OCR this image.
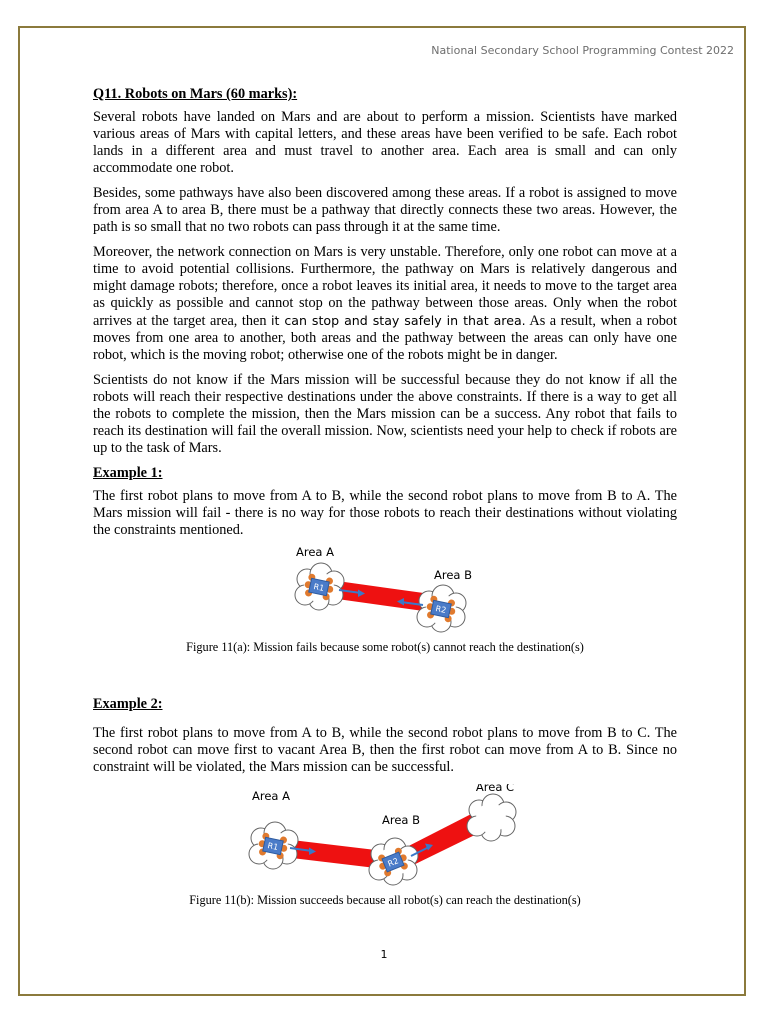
National Secondary School Programming Contest 2022
Q11. Robots on Mars (60 marks):

Several robots have landed on Mars and are about to perform a mission. Scientists have marked various areas of Mars with capital letters, and these areas have been verified to be safe. Each robot lands in a different area and must travel to another area. Each area is small and can only accommodate one robot.

Besides, some pathways have also been discovered among these areas. If a robot is assigned to move from area A to area B, there must be a pathway that directly connects these two areas. However, the path is so small that no two robots can pass through it at the same time.

Moreover, the network connection on Mars is very unstable. Therefore, only one robot can move at a time to avoid potential collisions. Furthermore, the pathway on Mars is relatively dangerous and might damage robots; therefore, once a robot leaves its initial area, it needs to move to the target area as quickly as possible and cannot stop on the pathway between those areas. Only when the robot arrives at the target area, then it can stop and stay safely in that area. As a result, when a robot moves from one area to another, both areas and the pathway between the areas can only have one robot, which is the moving robot; otherwise one of the robots might be in danger.

Scientists do not know if the Mars mission will be successful because they do not know if all the robots will reach their respective destinations under the above constraints. If there is a way to get all the robots to complete the mission, then the Mars mission can be a success. Any robot that fails to reach its destination will fail the overall mission. Now, scientists need your help to check if robots are up to the task of Mars.

Example 1:

The first robot plans to move from A to B, while the second robot plans to move from B to A. The Mars mission will fail - there is no way for those robots to reach their destinations without violating the constraints mentioned.

R1
R2
Area A
Area B
Figure 11(a): Mission fails because some robot(s) cannot reach the destination(s)
Example 2:

The first robot plans to move from A to B, while the second robot plans to move from B to C. The second robot can move first to vacant Area B, then the first robot can move from A to B. Since no constraint will be violated, the Mars mission can be successful.

R1
R2
Area A
Area B
Area C
Figure 11(b): Mission succeeds because all robot(s) can reach the destination(s)
1
